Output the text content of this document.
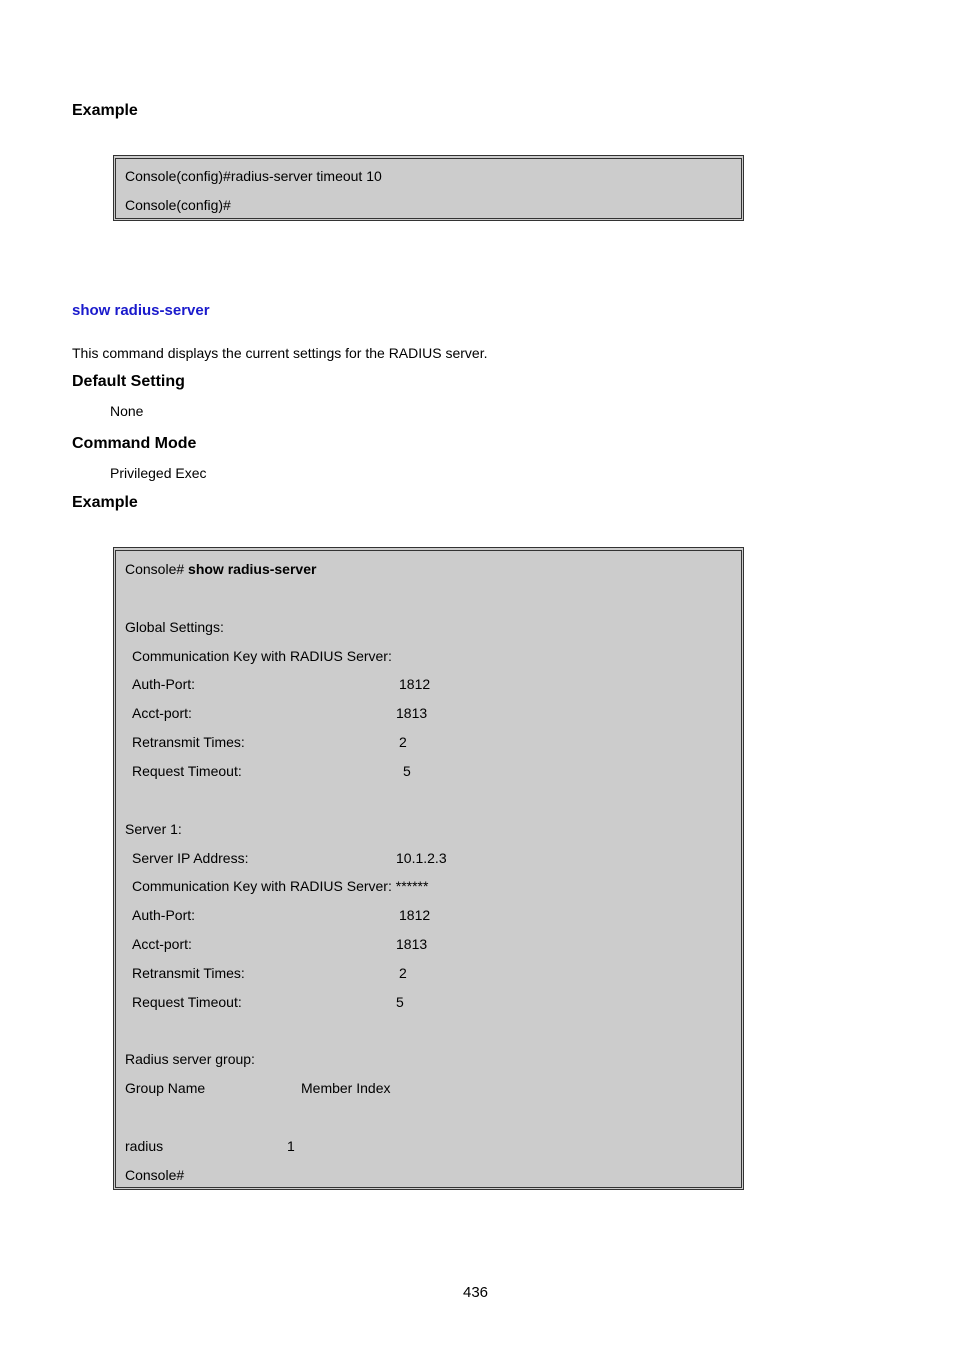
Example
Console(config)#radius-server timeout 10
Console(config)#
show radius-server
This command displays the current settings for the RADIUS server.
Default Setting
None
Command Mode
Privileged Exec
Example
Console# show radius-server
Global Settings:
Communication Key with RADIUS Server:
Auth-Port:	1812
Acct-port:	1813
Retransmit Times:	2
Request Timeout:	5
Server 1:
Server IP Address:	10.1.2.3
Communication Key with RADIUS Server: ******
Auth-Port:	1812
Acct-port:	1813
Retransmit Times:	2
Request Timeout:	5
Radius server group:
Group Name	Member Index
radius	1
Console#
436
